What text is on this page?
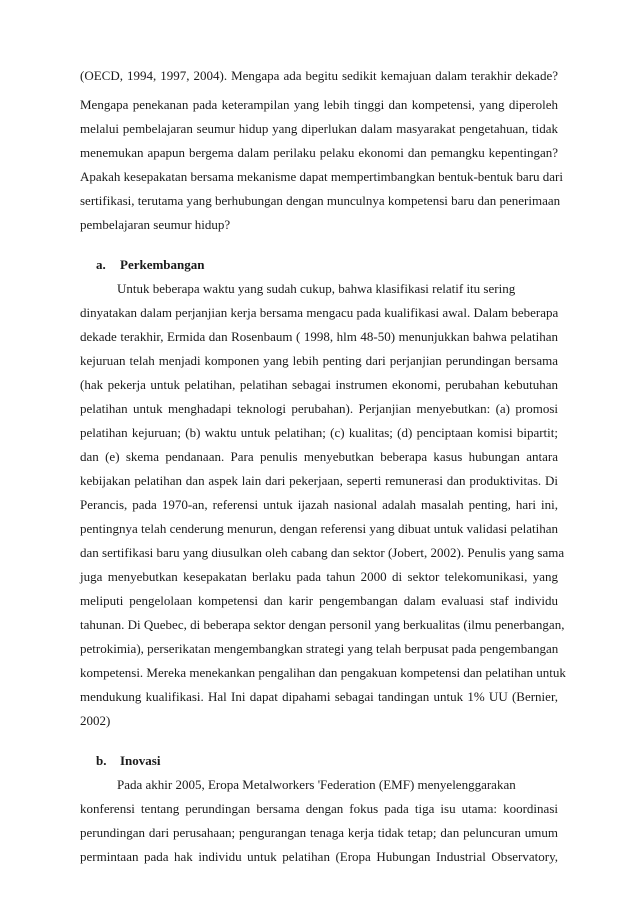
(OECD, 1994, 1997, 2004). Mengapa ada begitu sedikit kemajuan dalam terakhir dekade?
Mengapa penekanan pada keterampilan yang lebih tinggi dan kompetensi, yang diperoleh
melalui pembelajaran seumur hidup yang diperlukan dalam masyarakat pengetahuan, tidak
menemukan apapun bergema dalam perilaku pelaku ekonomi dan pemangku kepentingan?
Apakah kesepakatan bersama mekanisme dapat mempertimbangkan bentuk-bentuk baru dari
sertifikasi, terutama yang berhubungan dengan munculnya kompetensi baru dan penerimaan
pembelajaran seumur hidup?
a. Perkembangan
Untuk beberapa waktu yang sudah cukup, bahwa klasifikasi relatif itu sering
dinyatakan dalam perjanjian kerja bersama mengacu pada kualifikasi awal. Dalam beberapa
dekade terakhir, Ermida dan Rosenbaum ( 1998, hlm 48-50) menunjukkan bahwa pelatihan
kejuruan telah menjadi komponen yang lebih penting dari perjanjian perundingan bersama
(hak pekerja untuk pelatihan, pelatihan sebagai instrumen ekonomi, perubahan kebutuhan
pelatihan untuk menghadapi teknologi perubahan). Perjanjian menyebutkan: (a) promosi
pelatihan kejuruan; (b) waktu untuk pelatihan; (c) kualitas; (d) penciptaan komisi bipartit;
dan (e) skema pendanaan. Para penulis menyebutkan beberapa kasus hubungan antara
kebijakan pelatihan dan aspek lain dari pekerjaan, seperti remunerasi dan produktivitas. Di
Perancis, pada 1970-an, referensi untuk ijazah nasional adalah masalah penting, hari ini,
pentingnya telah cenderung menurun, dengan referensi yang dibuat untuk validasi pelatihan
dan sertifikasi baru yang diusulkan oleh cabang dan sektor (Jobert, 2002). Penulis yang sama
juga menyebutkan kesepakatan berlaku pada tahun 2000 di sektor telekomunikasi, yang
meliputi pengelolaan kompetensi dan karir pengembangan dalam evaluasi staf individu
tahunan. Di Quebec, di beberapa sektor dengan personil yang berkualitas (ilmu penerbangan,
petrokimia), perserikatan mengembangkan strategi yang telah berpusat pada pengembangan
kompetensi. Mereka menekankan pengalihan dan pengakuan kompetensi dan pelatihan untuk
mendukung kualifikasi. Hal Ini dapat dipahami sebagai tandingan untuk 1% UU (Bernier,
2002)
b. Inovasi
Pada akhir 2005, Eropa Metalworkers 'Federation (EMF) menyelenggarakan
konferensi tentang perundingan bersama dengan fokus pada tiga isu utama: koordinasi
perundingan dari perusahaan; pengurangan tenaga kerja tidak tetap; dan peluncuran umum
permintaan pada hak individu untuk pelatihan (Eropa Hubungan Industrial Observatory,
